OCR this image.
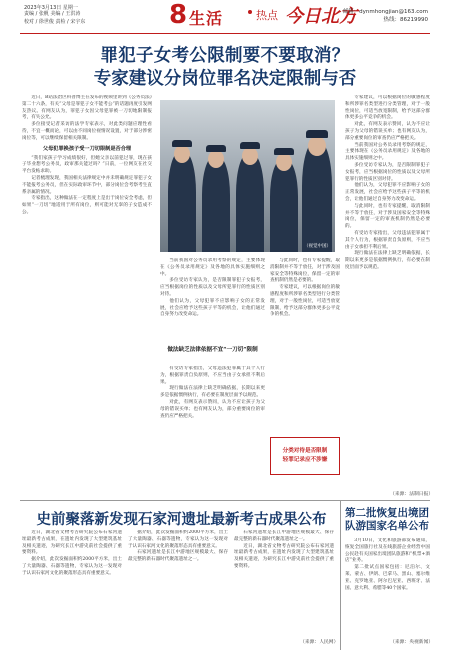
2023年3月13日 星期一
责编 / 张帆 美编 / 王洪涛
校对 / 徐世俊 责检 / 宋宇东	8 生活	热点 今日北方
邮箱：dynmhongjian@163.com
热线：86219990
罪犯子女考公限制要不要取消？
专家建议分岗位罪名决定限制与否

近日，B站法治区科普博主在发布的视频里讲到《公务员法》第二十六条，有关“父母是罪犯子女不能考公”的话题再度引发网友热议。有网友认为，罪犯子女因父母犯罪被一刀切地限制报考，有失公允。

多位接受记者采访的法学专家表示，对此类问题应理性看待，不宜一概而论，可以由不同岗位视情况设置，对于部分涉密岗位等，可以继续保留相关限制。

父母犯罪换孩子受一刀切限制是否合理

“我们家孩子学习成绩很好，但她父亲以前犯过罪，现在孩子毕业想考公务员，政审那关能过吗？”日前，一位网友在社交平台发帖求助。

记者梳理发现，我国相关法律规定中并未明确规定罪犯子女不能报考公务员，但在实际政审环节中，部分岗位会考察考生直系亲属的情况。

专家指出，这种做法在一定程度上是出于岗位安全考虑，但如果“一刀切”地适用于所有岗位，则可能对无辜的子女造成不公。

（视觉中国）

当前我国对公务员录用考察的规定，主要体现在《公务员录用规定》及各地的具体实施细则之中。

多位受访专家认为，是否限制罪犯子女报考，应当根据岗位的性质以及父母所犯罪行的性质区别对待。

他们认为，父母犯罪不应影响子女的正常发展，社会应给予这些孩子平等的机会，让他们通过自身努力改变命运。

与此同时，也有专家提醒，取消限制并不等于放任，对于涉及国家安全等特殊岗位，保留一定的审查机制仍然是必要的。

专家建议，可以根据岗位的敏感程度和所涉罪名类型进行分类管理，对于一般性岗位，可适当放宽限制，给予这部分群体更多公平竞争的机会。

做法缺乏法律依据不宜“一刀切”限制

有受访专家指出，父母违法犯罪属于其个人行为，根据罪责自负原则，不应当由子女承担不利后果。

现行做法在法律上缺乏明确依据，长期以来更多是依据惯例执行，有必要在制度层面予以规范。

对此，有网友表示赞同，认为不应让孩子为父母的错误买单；也有网友认为，部分重要岗位的审查仍应严格把关。

分类对待是否限制
轻罪记录应不涉嫌

专家建议，可以根据岗位的敏感程度和所涉罪名类型进行分类管理，对于一般性岗位，可适当放宽限制，给予这部分群体更多公平竞争的机会。

对此，有网友表示赞同，认为不应让孩子为父母的错误买单；也有网友认为，部分重要岗位的审查仍应严格把关。

当前我国对公务员录用考察的规定，主要体现在《公务员录用规定》及各地的具体实施细则之中。

多位受访专家认为，是否限制罪犯子女报考，应当根据岗位的性质以及父母所犯罪行的性质区别对待。

他们认为，父母犯罪不应影响子女的正常发展，社会应给予这些孩子平等的机会，让他们通过自身努力改变命运。

与此同时，也有专家提醒，取消限制并不等于放任，对于涉及国家安全等特殊岗位，保留一定的审查机制仍然是必要的。

有受访专家指出，父母违法犯罪属于其个人行为，根据罪责自负原则，不应当由子女承担不利后果。

现行做法在法律上缺乏明确依据，长期以来更多是依据惯例执行，有必要在制度层面予以规范。

（来源：法制日报）
史前聚落新发现石家河遗址最新考古成果公布

近日，湖北省文物考古研究院公布石家河遗址最新考古成果，在遗址内发现了大型建筑基址及相关遗迹，为研究长江中游史前社会提供了重要资料。

据介绍，此次发掘面积约2000平方米，出土了大量陶器、石器等遗物，专家认为这一发现对于认识石家河文化的聚落形态具有重要意义。

据介绍，此次发掘面积约2000平方米，出土了大量陶器、石器等遗物，专家认为这一发现对于认识石家河文化的聚落形态具有重要意义。

石家河遗址是长江中游地区规模最大、保存最完整的新石器时代聚落遗址之一。

石家河遗址是长江中游地区规模最大、保存最完整的新石器时代聚落遗址之一。

近日，湖北省文物考古研究院公布石家河遗址最新考古成果，在遗址内发现了大型建筑基址及相关遗迹，为研究长江中游史前社会提供了重要资料。

（来源：人民网）
第二批恢复出境团队游国家名单公布

3月10日，文化和旅游部发布通知，恢复全国旅行社及在线旅游企业经营中国公民赴有关国家出境团队旅游和“机票+酒店”业务。

第二批试点国家包括：尼泊尔、文莱、蒙古、伊朗、巴拿马、黑山、塞尔维亚、克罗地亚、阿尔巴尼亚、西班牙、法国、意大利、希腊等40个国家。

（来源：央视新闻）
